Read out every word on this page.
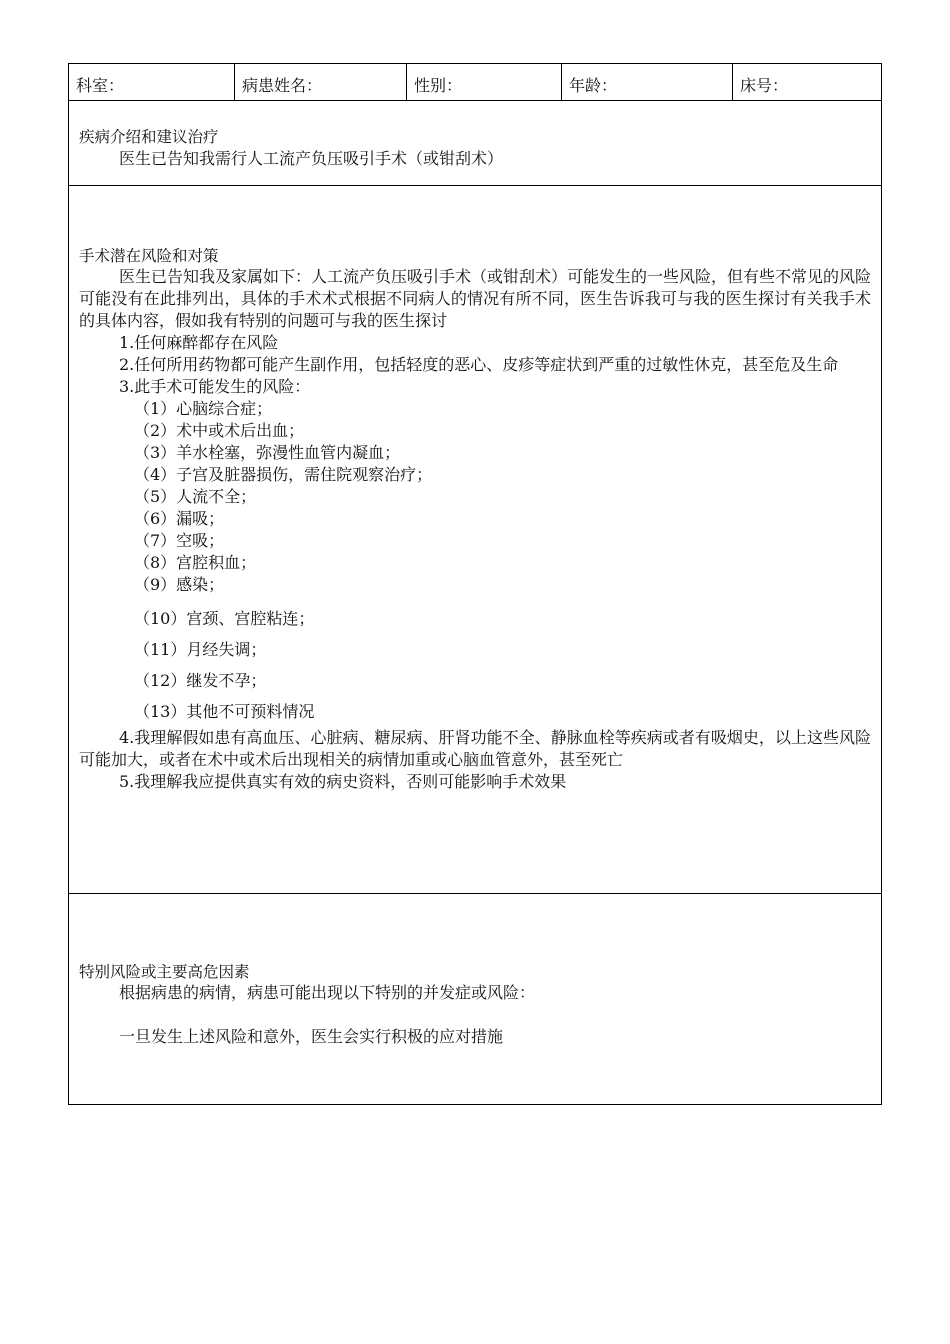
科室：	病患姓名：	性别：	年龄：	床号：
疾病介绍和建议治疗
医生已告知我需行人工流产负压吸引手术（或钳刮术）
手术潜在风险和对策
医生已告知我及家属如下：人工流产负压吸引手术（或钳刮术）可能发生的一些风险，但有些不常见的风险可能没有在此排列出，具体的手术术式根据不同病人的情况有所不同，医生告诉我可与我的医生探讨有关我手术的具体内容，假如我有特别的问题可与我的医生探讨
1.任何麻醉都存在风险
2.任何所用药物都可能产生副作用，包括轻度的恶心、皮疹等症状到严重的过敏性休克，甚至危及生命
3.此手术可能发生的风险：
（1）心脑综合症；
（2）术中或术后出血；
（3）羊水栓塞，弥漫性血管内凝血；
（4）子宫及脏器损伤，需住院观察治疗；
（5）人流不全；
（6）漏吸；
（7）空吸；
（8）宫腔积血；
（9）感染；
（10）宫颈、宫腔粘连；
（11）月经失调；
（12）继发不孕；
（13）其他不可预料情况
4.我理解假如患有高血压、心脏病、糖尿病、肝肾功能不全、静脉血栓等疾病或者有吸烟史，以上这些风险可能加大，或者在术中或术后出现相关的病情加重或心脑血管意外，甚至死亡
5.我理解我应提供真实有效的病史资料，否则可能影响手术效果
特别风险或主要高危因素
根据病患的病情，病患可能出现以下特别的并发症或风险：
一旦发生上述风险和意外，医生会实行积极的应对措施
